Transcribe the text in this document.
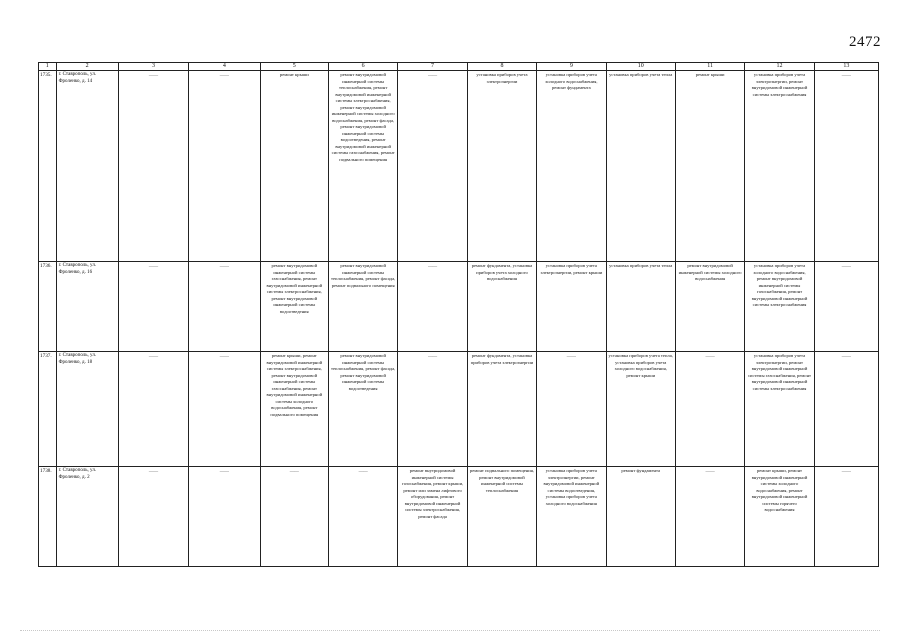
2472
1	2	3	4	5	6	7	8	9	10	11	12	13
1735.	г. Ставрополь, ул. Фроленко, д. 14	——	——	ремонт крыши	ремонт внутридомовой инженерной системы теплоснабжения, ремонт внутридомовой инженерной системы электроснабжения, ремонт внутридомовой инженерной системы холодного водоснабжения, ремонт фасада, ремонт внутридомовой инженерной системы водоотведения, ремонт внутридомовой инженерной системы газоснабжения, ремонт подвального помещения	——	установка приборов учета электроэнергии	установка приборов учета холодного водоснабжения, ремонт фундамента	установка приборов учета тепла	ремонт крыши	установка приборов учета электроэнергии, ремонт внутридомовой инженерной системы электроснабжения	——
1736.	г. Ставрополь, ул. Фроленко, д. 16	——	——	ремонт внутридомовой инженерной системы газоснабжения, ремонт внутридомовой инженерной системы электроснабжения, ремонт внутридомовой инженерной системы водоотведения	ремонт внутридомовой инженерной системы теплоснабжения, ремонт фасада, ремонт подвального помещения	——	ремонт фундамента, установка приборов учета холодного водоснабжения	установка приборов учета электроэнергии, ремонт крыши	установка приборов учета тепла	ремонт внутридомовой инженерной системы холодного водоснабжения	установка приборов учета холодного водоснабжения, ремонт внутридомовой инженерной системы газоснабжения, ремонт внутридомовой инженерной системы электроснабжения	——
1737.	г. Ставрополь, ул. Фроленко, д. 18	——	——	ремонт крыши, ремонт внутридомовой инженерной системы электроснабжения, ремонт внутридомовой инженерной системы газоснабжения, ремонт внутридомовой инженерной системы холодного водоснабжения, ремонт подвального помещения	ремонт внутридомовой инженерной системы теплоснабжения, ремонт фасада, ремонт внутридомовой инженерной системы водоотведения	——	ремонт фундамента, установка приборов учета электроэнергии	——	установка приборов учета тепла, установка приборов учета холодного водоснабжения, ремонт крыши	——	установка приборов учета электроэнергии, ремонт внутридомовой инженерной системы газоснабжения, ремонт внутридомовой инженерной системы электроснабжения	——
1738.	г. Ставрополь, ул. Фроленко, д. 2	——	——	——	——	ремонт внутридомовой инженерной системы газоснабжения, ремонт крыши, ремонт или замена лифтового оборудования, ремонт внутридомовой инженерной системы электроснабжения, ремонт фасада	ремонт подвального помещения, ремонт внутридомовой инженерной системы теплоснабжения	установка приборов учета электроэнергии, ремонт внутридомовой инженерной системы водоотведения, установка приборов учета холодного водоснабжения	ремонт фундамента	——	ремонт крыши, ремонт внутридомовой инженерной системы холодного водоснабжения, ремонт внутридомовой инженерной системы горячего водоснабжения	——
